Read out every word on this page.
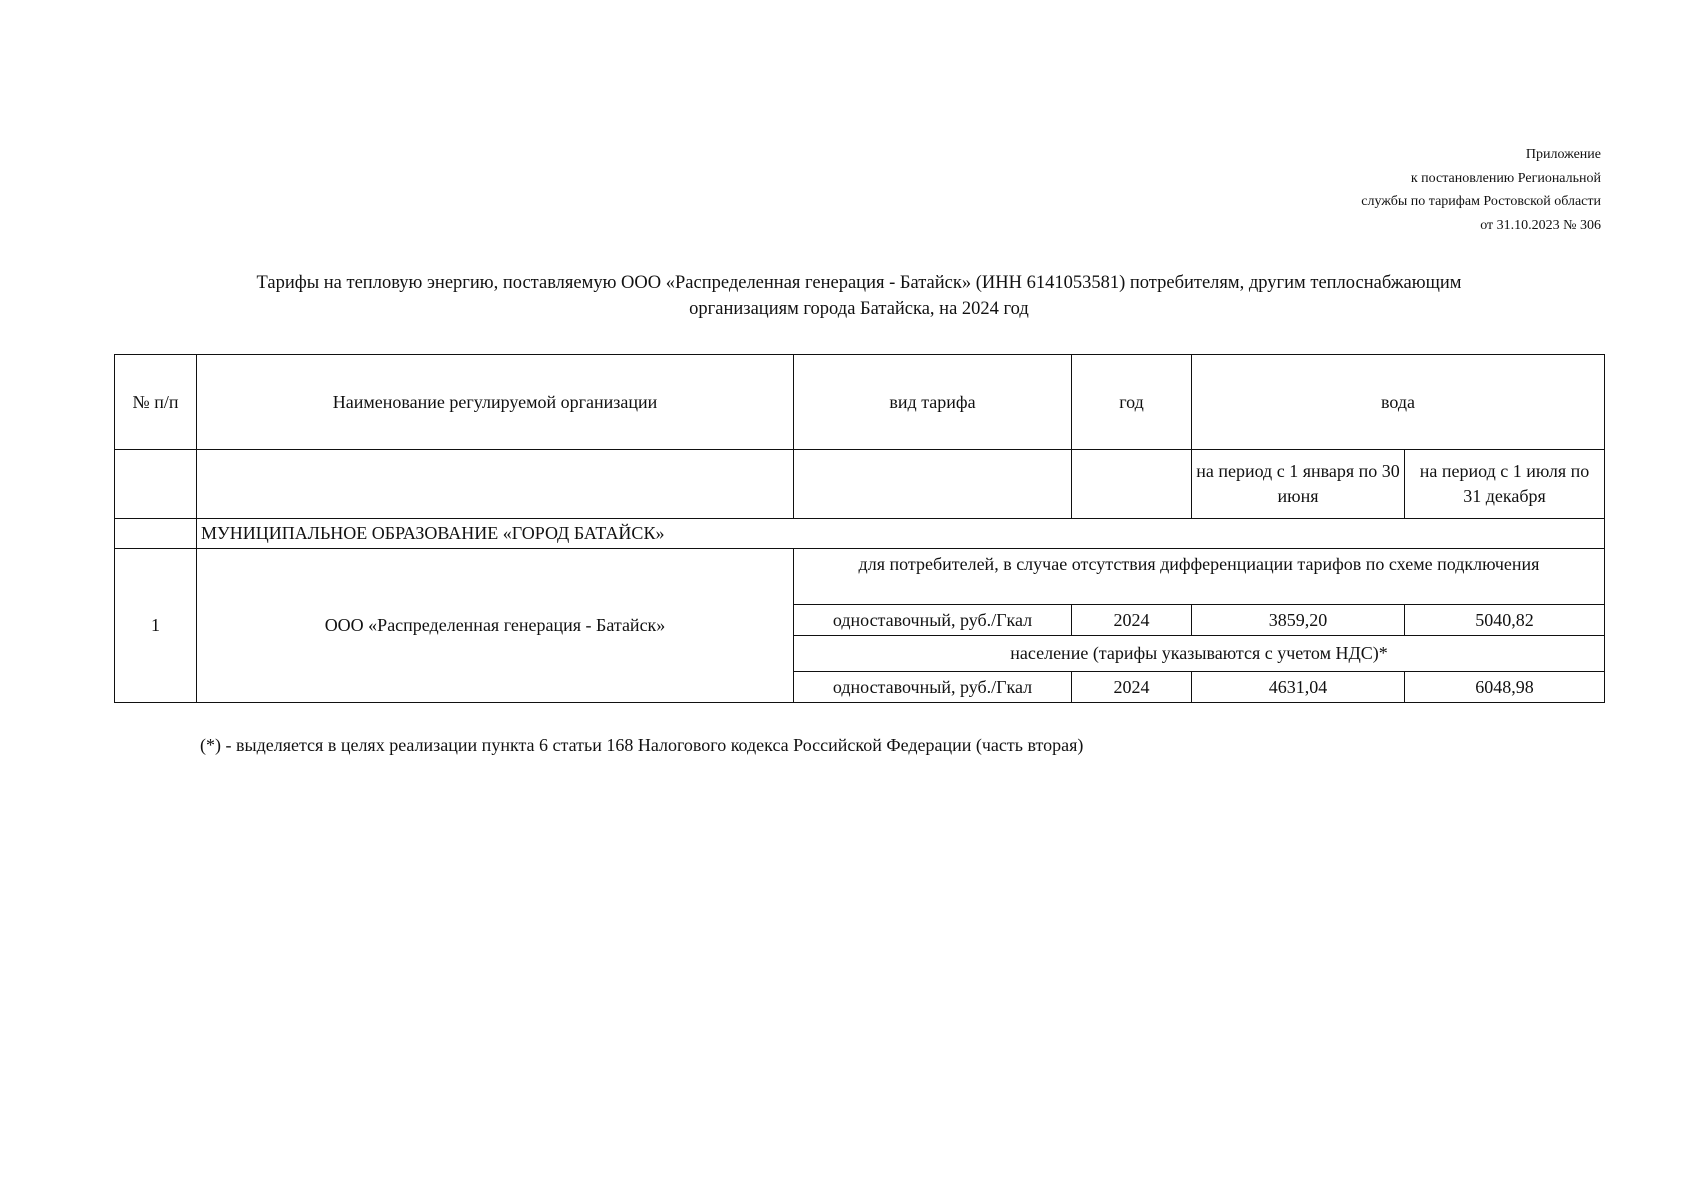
Приложение
к постановлению Региональной
службы по тарифам Ростовской области
от 31.10.2023 № 306
Тарифы на тепловую энергию, поставляемую ООО «Распределенная генерация - Батайск» (ИНН 6141053581) потребителям, другим теплоснабжающим
организациям города Батайска, на 2024 год
№ п/п	Наименование регулируемой организации	вид тарифа	год	вода	
				на период с 1 января по 30 июня	на период с 1 июля по 31 декабря
	МУНИЦИПАЛЬНОЕ ОБРАЗОВАНИЕ «ГОРОД БАТАЙСК»				
1	ООО «Распределенная генерация - Батайск»	для потребителей, в случае отсутствия дифференциации тарифов по схеме подключения			
		одноставочный, руб./Гкал	2024	3859,20	5040,82
		население (тарифы указываются с учетом НДС)*			
		одноставочный, руб./Гкал	2024	4631,04	6048,98
(*) - выделяется в целях реализации пункта 6 статьи 168 Налогового кодекса Российской Федерации (часть вторая)
